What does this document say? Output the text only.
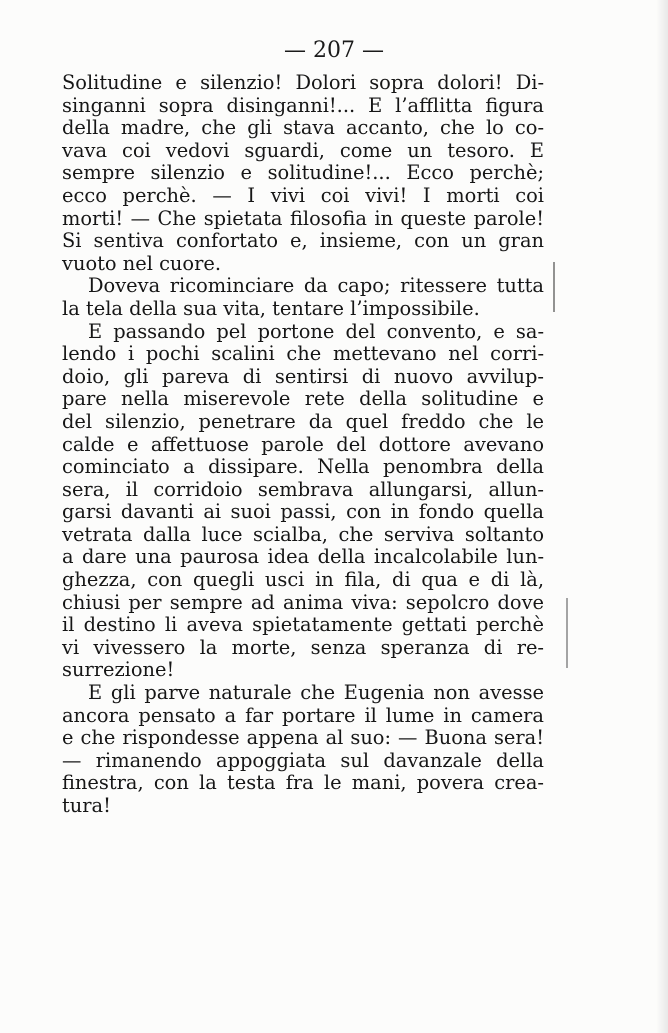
— 207 —
Solitudine e silenzio! Dolori sopra dolori! Di-
singanni sopra disinganni!... E l’afflitta figura
della madre, che gli stava accanto, che lo co-
vava coi vedovi sguardi, come un tesoro. E
sempre silenzio e solitudine!... Ecco perchè;
ecco perchè. — I vivi coi vivi! I morti coi
morti! — Che spietata filosofia in queste parole!
Si sentiva confortato e, insieme, con un gran
vuoto nel cuore.
Doveva ricominciare da capo; ritessere tutta
la tela della sua vita, tentare l’impossibile.
E passando pel portone del convento, e sa-
lendo i pochi scalini che mettevano nel corri-
doio, gli pareva di sentirsi di nuovo avvilup-
pare nella miserevole rete della solitudine e
del silenzio, penetrare da quel freddo che le
calde e affettuose parole del dottore avevano
cominciato a dissipare. Nella penombra della
sera, il corridoio sembrava allungarsi, allun-
garsi davanti ai suoi passi, con in fondo quella
vetrata dalla luce scialba, che serviva soltanto
a dare una paurosa idea della incalcolabile lun-
ghezza, con quegli usci in fila, di qua e di là,
chiusi per sempre ad anima viva: sepolcro dove
il destino li aveva spietatamente gettati perchè
vi vivessero la morte, senza speranza di re-
surrezione!
E gli parve naturale che Eugenia non avesse
ancora pensato a far portare il lume in camera
e che rispondesse appena al suo: — Buona sera!
— rimanendo appoggiata sul davanzale della
finestra, con la testa fra le mani, povera crea-
tura!
